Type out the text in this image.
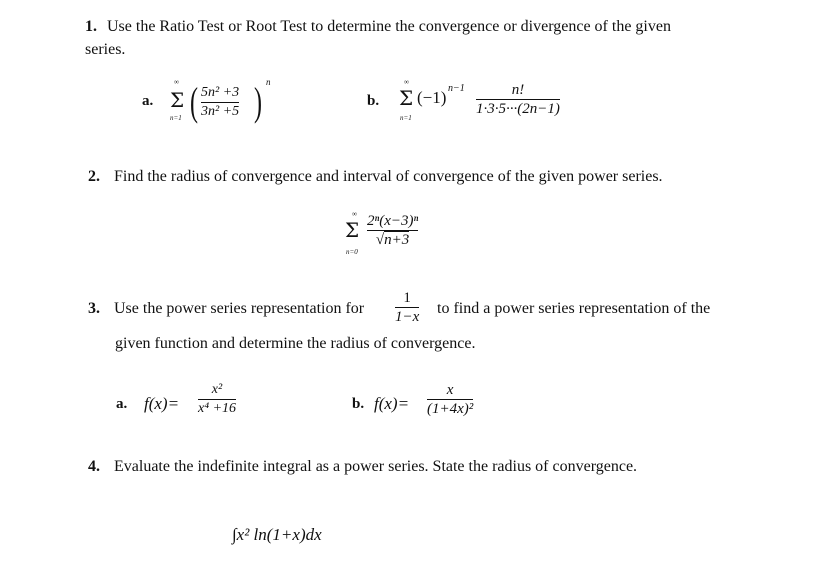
1. Use the Ratio Test or Root Test to determine the convergence or divergence of the given
series.
a.
∞
Σ
n=1 ( 5n² +3
3n² +5 ) n
b.
∞
Σ
n=1
(−1) n−1	n!
1·3·5···(2n−1)
2. Find the radius of convergence and interval of convergence of the given power series.
∞
Σ
n=0
2ⁿ(x−3)ⁿ
√n+3
3. Use the power series representation for
1
1−x to find a power series representation of the
given function and determine the radius of convergence.
a. f(x)=
x²
x⁴ +16	b. f(x)=
x
(1+4x)²
4. Evaluate the indefinite integral as a power series. State the radius of convergence.
∫x² ln(1+x)dx
